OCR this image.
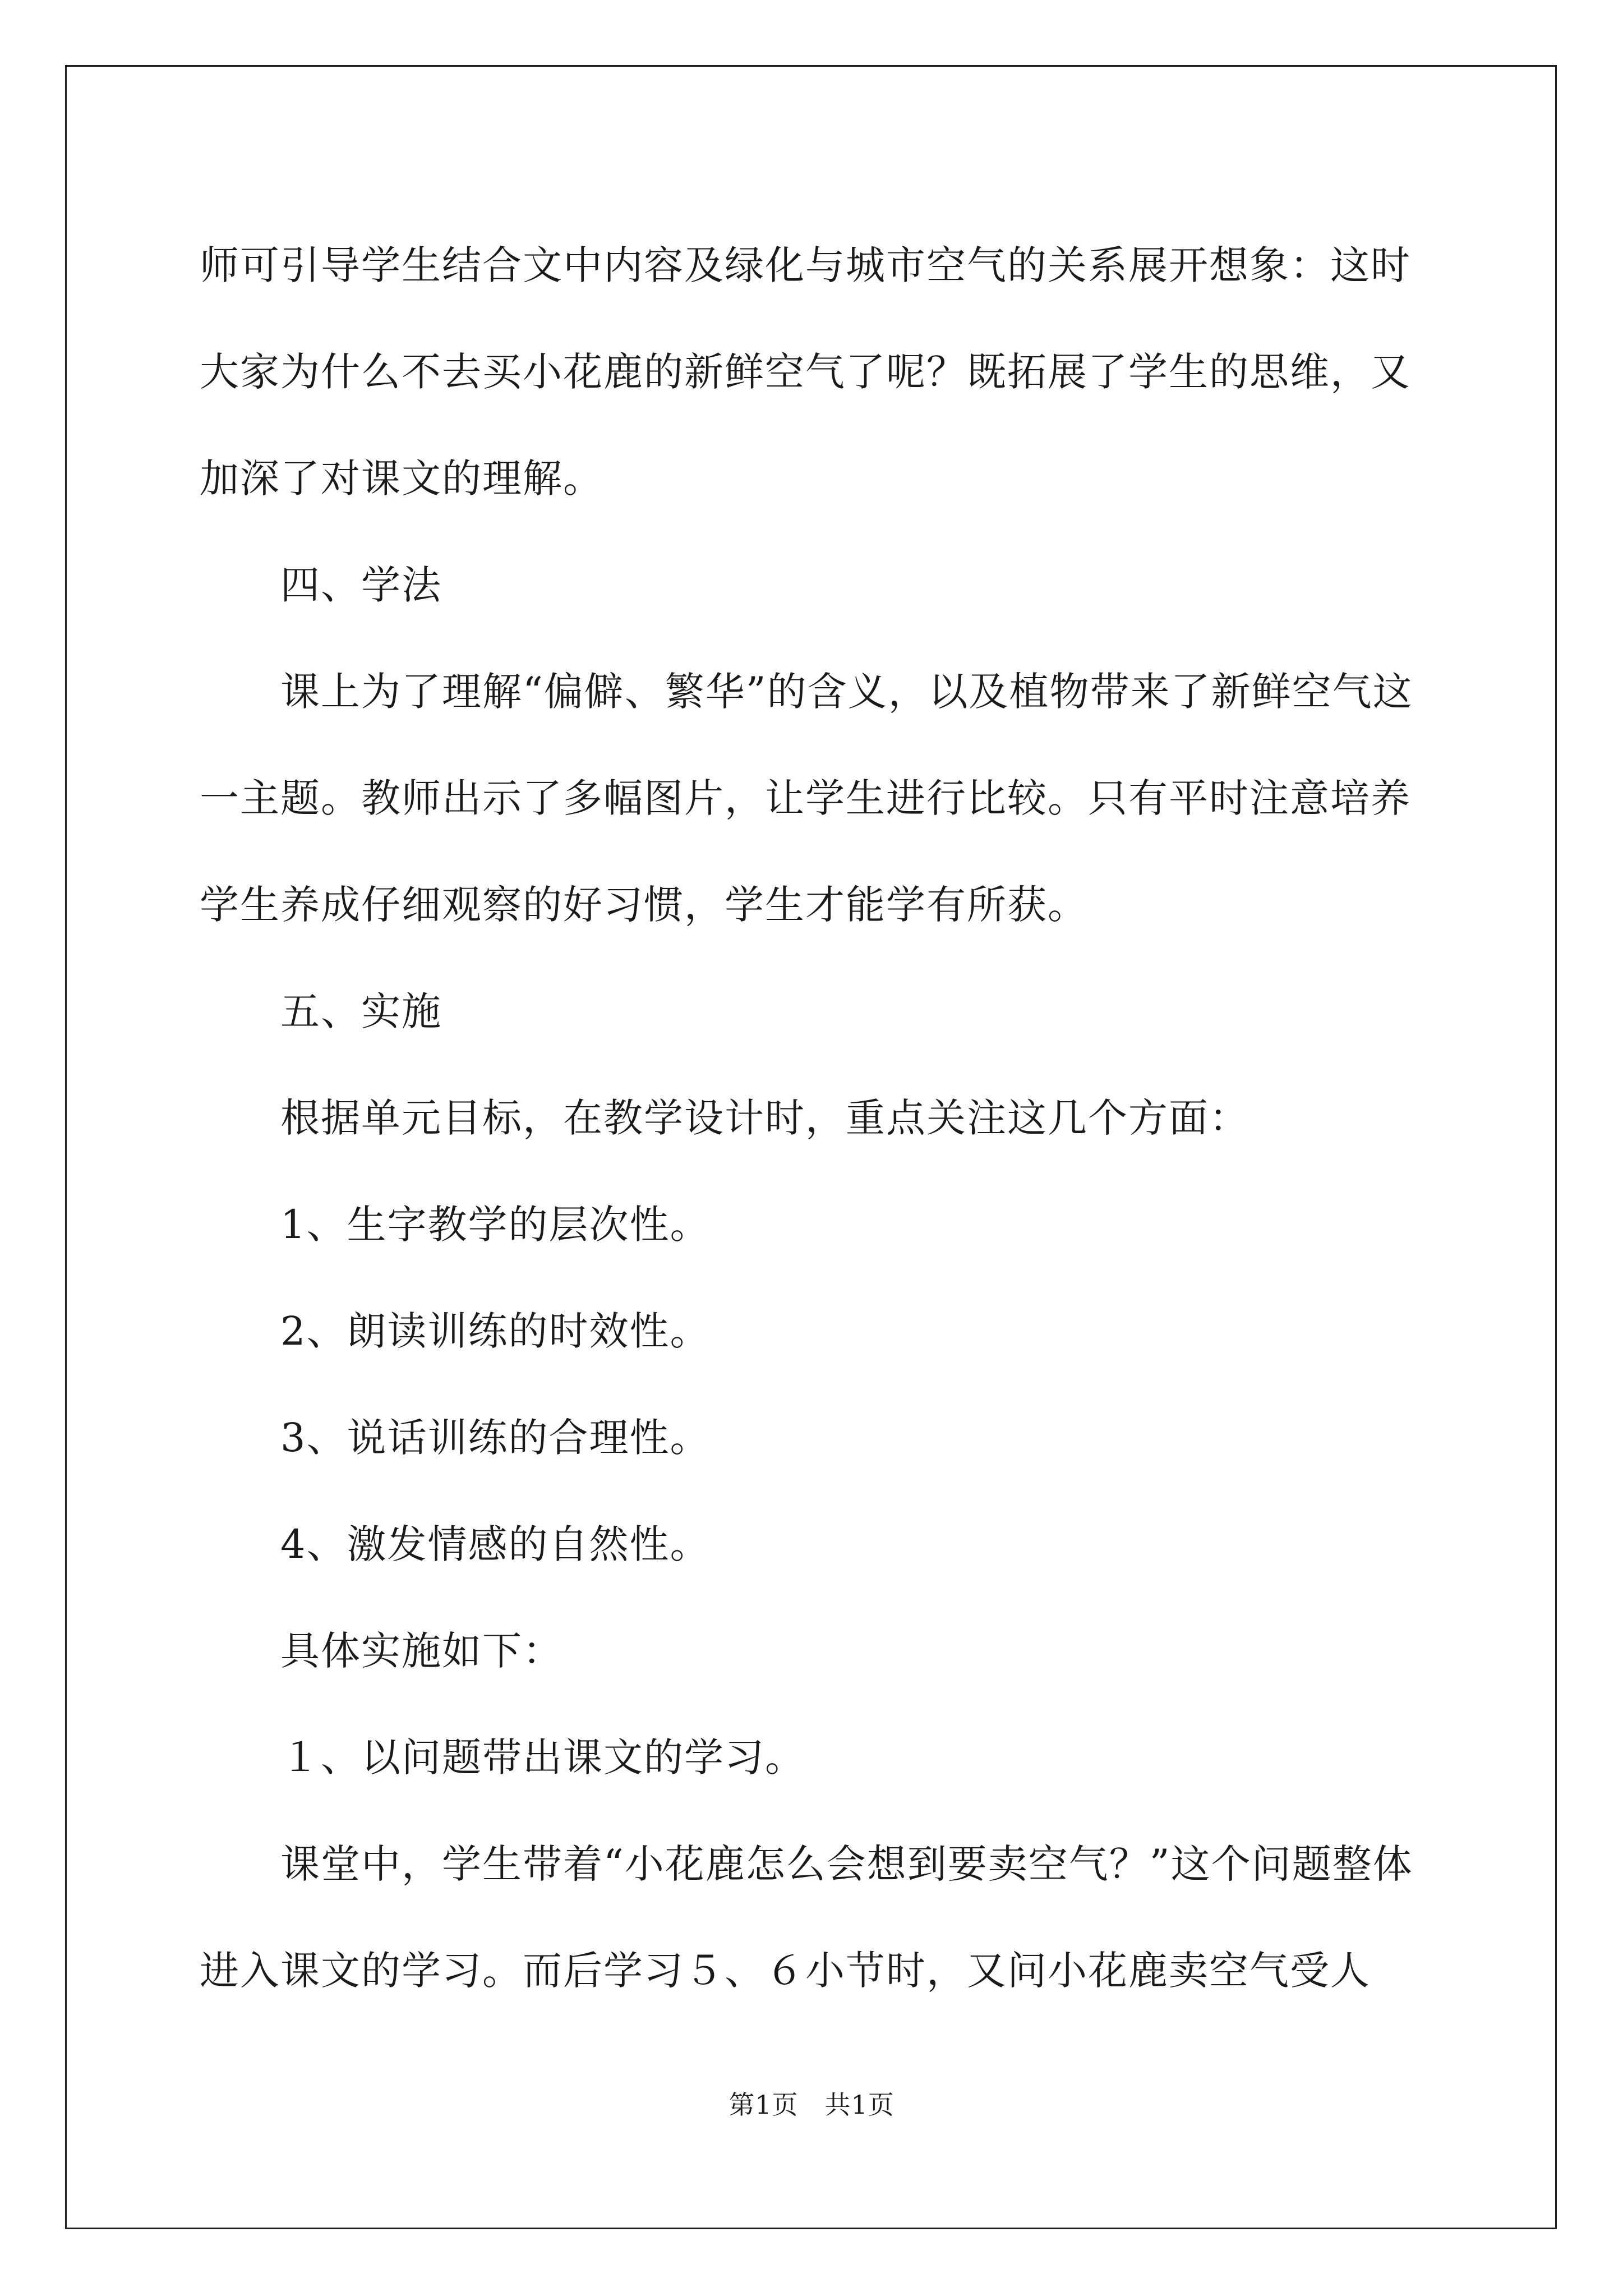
师可引导学生结合文中内容及绿化与城市空气的关系展开想象：这时大家为什么不去买小花鹿的新鲜空气了呢？既拓展了学生的思维，又加深了对课文的理解。

四、学法

课上为了理解“偏僻、繁华”的含义，以及植物带来了新鲜空气这一主题。教师出示了多幅图片，让学生进行比较。只有平时注意培养学生养成仔细观察的好习惯，学生才能学有所获。

五、实施

根据单元目标，在教学设计时，重点关注这几个方面：

1、生字教学的层次性。

2、朗读训练的时效性。

3、说话训练的合理性。

4、激发情感的自然性。

具体实施如下：

１、以问题带出课文的学习。

课堂中，学生带着“小花鹿怎么会想到要卖空气？”这个问题整体进入课文的学习。而后学习５、６小节时，又问小花鹿卖空气受人

第1页　共1页
